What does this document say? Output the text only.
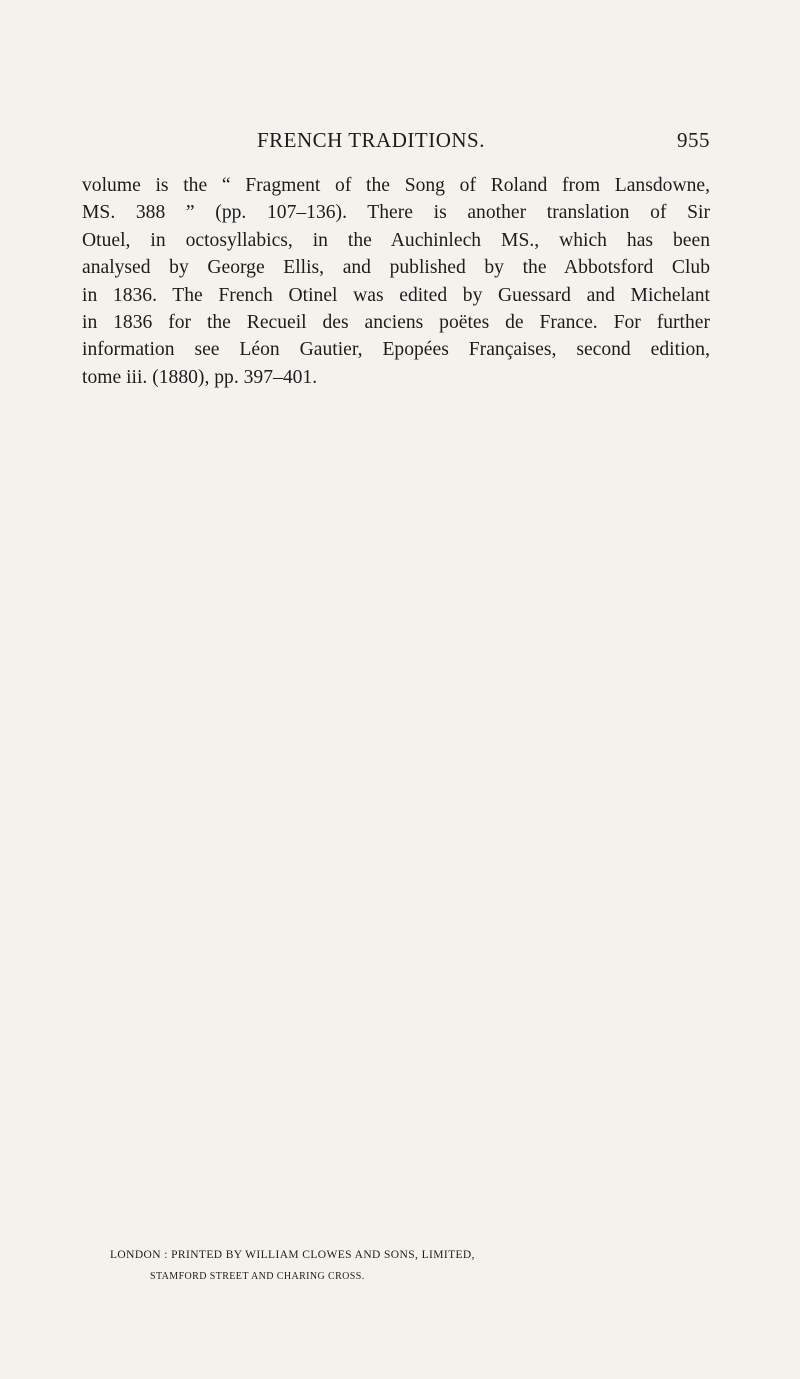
FRENCH TRADITIONS.	955
volume is the “ Fragment of the Song of Roland from Lansdowne,
MS. 388 ” (pp. 107–136). There is another translation of Sir
Otuel, in octosyllabics, in the Auchinlech MS., which has been
analysed by George Ellis, and published by the Abbotsford Club
in 1836. The French Otinel was edited by Guessard and Michelant
in 1836 for the Recueil des anciens poëtes de France. For further
information see Léon Gautier, Epopées Françaises, second edition,
tome iii. (1880), pp. 397–401.
LONDON : PRINTED BY WILLIAM CLOWES AND SONS, LIMITED,
STAMFORD STREET AND CHARING CROSS.
